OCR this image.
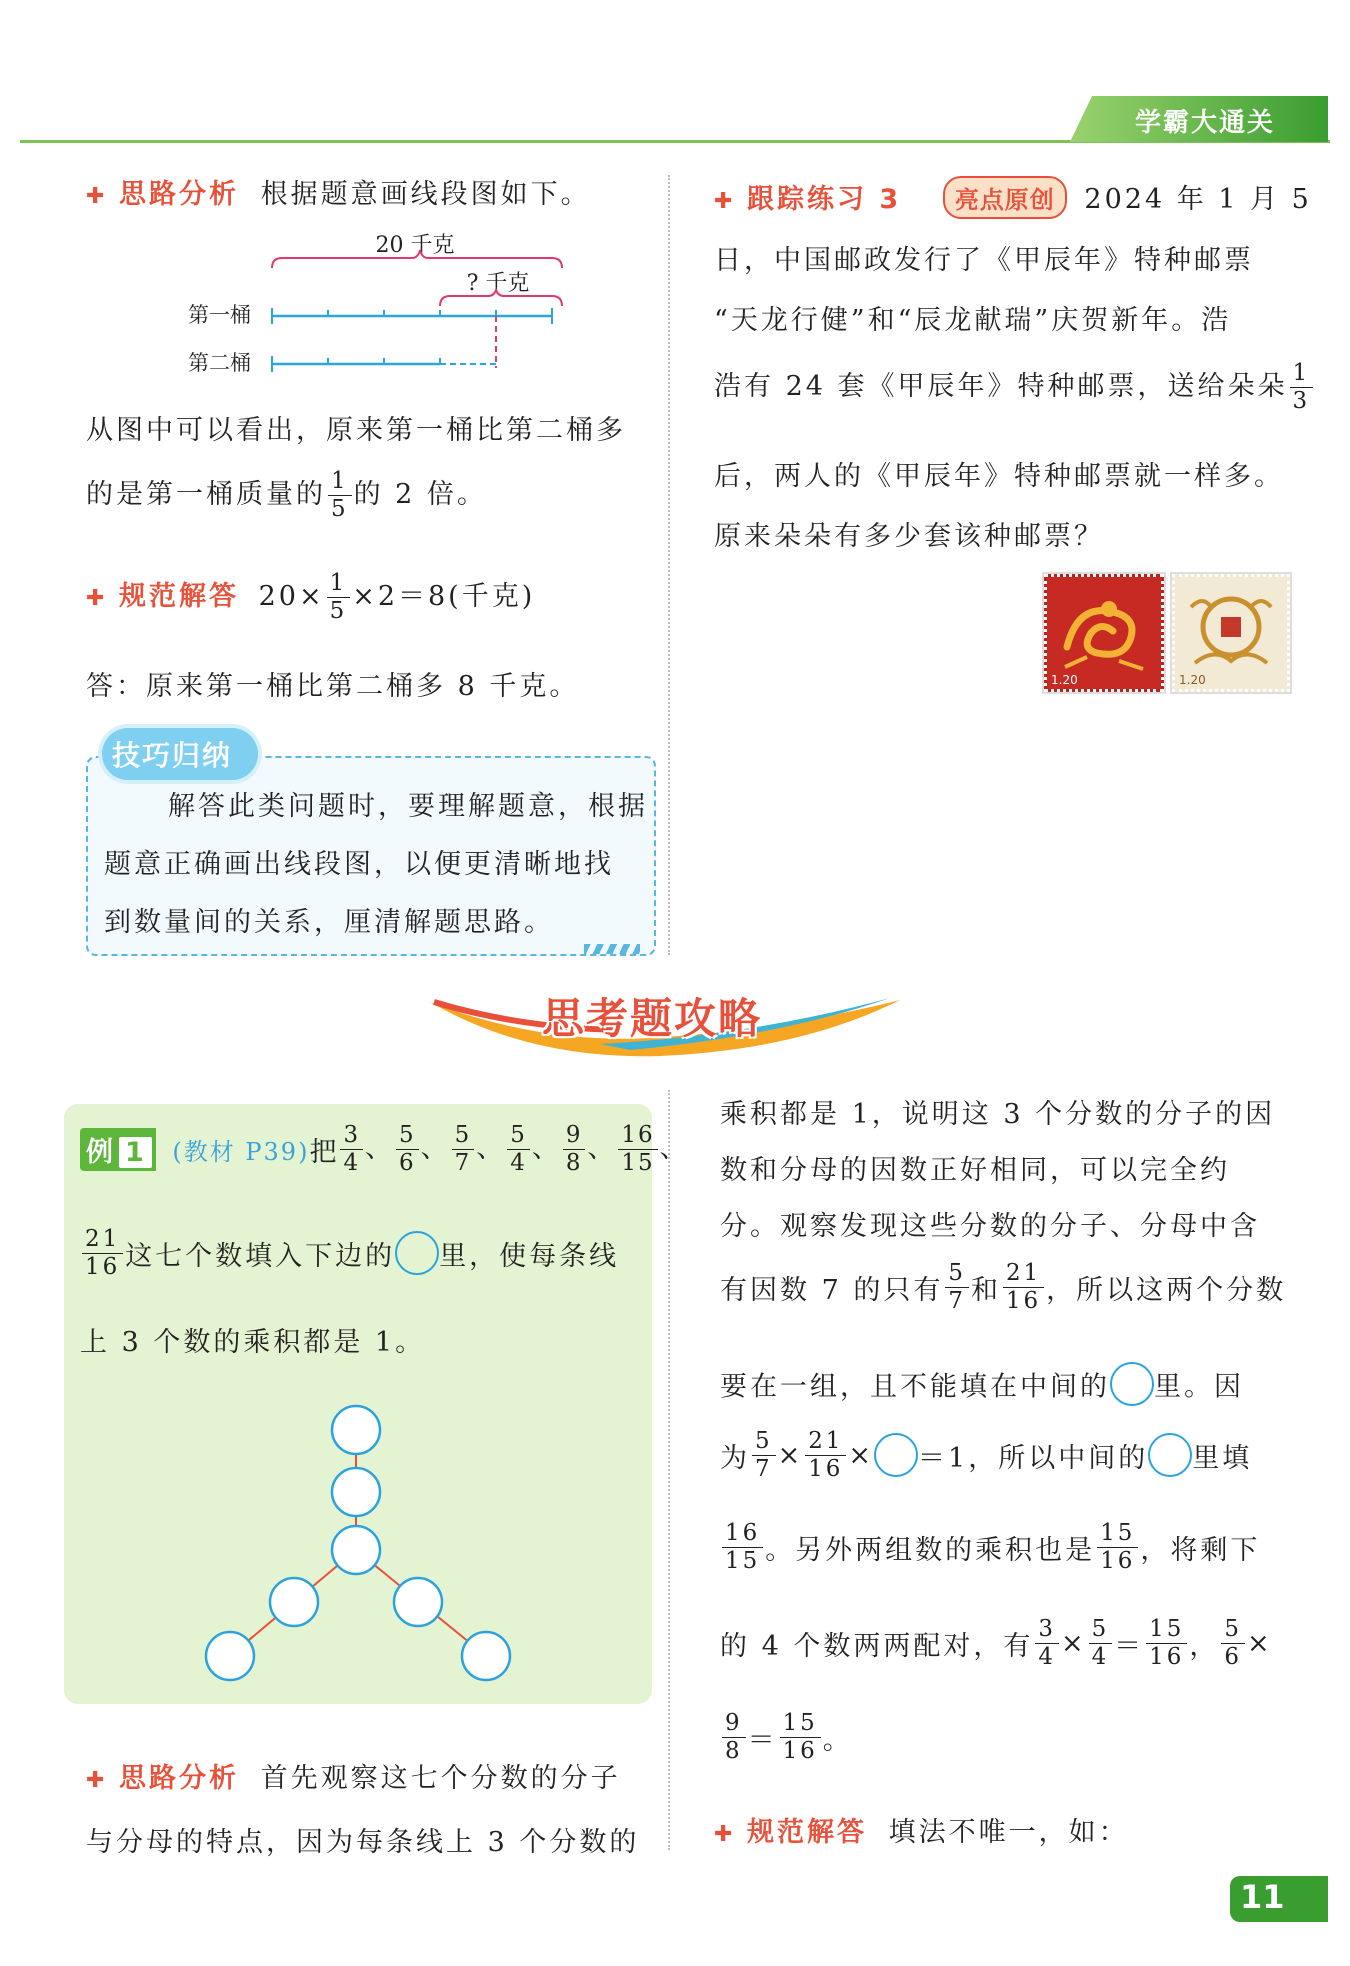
学霸大通关
✚ 思路分析 根据题意画线段图如下。
20 千克
? 千克
第一桶
第二桶
从图中可以看出，原来第一桶比第二桶多
的是第一桶质量的 $\frac{1}{5}$ 的 2 倍。
✚ 规范解答 $20\times \frac{1}{5} \times 2=8$(千克)
答：原来第一桶比第二桶多 8 千克。
技巧归纳
解答此类问题时，要理解题意，根据
题意正确画出线段图，以便更清晰地找
到数量间的关系，厘清解题思路。
✚ 跟踪练习 3 亮点原创 2024 年 1 月 5
日，中国邮政发行了《甲辰年》特种邮票
“天龙行健”和“辰龙献瑞”庆贺新年。浩
浩有 24 套《甲辰年》特种邮票，送给朵朵 $\frac{1}{3}$
后，两人的《甲辰年》特种邮票就一样多。
原来朵朵有多少套该种邮票？
1.20	1.20
思考题攻略
例 1 (教材 P39)把 $\frac{3}{4}$ 、 $\frac{5}{6}$ 、 $\frac{5}{7}$ 、 $\frac{5}{4}$ 、 $\frac{9}{8}$ 、 $\frac{16}{15}$ 、
$\frac{21}{16}$ 这七个数填入下边的 里，使每条线
上 3 个数的乘积都是 1。
✚ 思路分析 首先观察这七个分数的分子
与分母的特点，因为每条线上 3 个分数的
乘积都是 1，说明这 3 个分数的分子的因
数和分母的因数正好相同，可以完全约
分。观察发现这些分数的分子、分母中含
有因数 7 的只有 $\frac{5}{7}$ 和 $\frac{21}{16}$ ，所以这两个分数
要在一组，且不能填在中间的 里。因
为 $\frac{5}{7} \times \frac{21}{16} \times =1$，所以中间的 里填
$\frac{16}{15}$ 。另外两组数的乘积也是 $\frac{15}{16}$ ，将剩下
的 4 个数两两配对，有 $\frac{3}{4} \times \frac{5}{4} = \frac{15}{16}$ ， $\frac{5}{6}$ ×
$\frac{9}{8} = \frac{15}{16}$ 。
✚ 规范解答 填法不唯一，如：
11
